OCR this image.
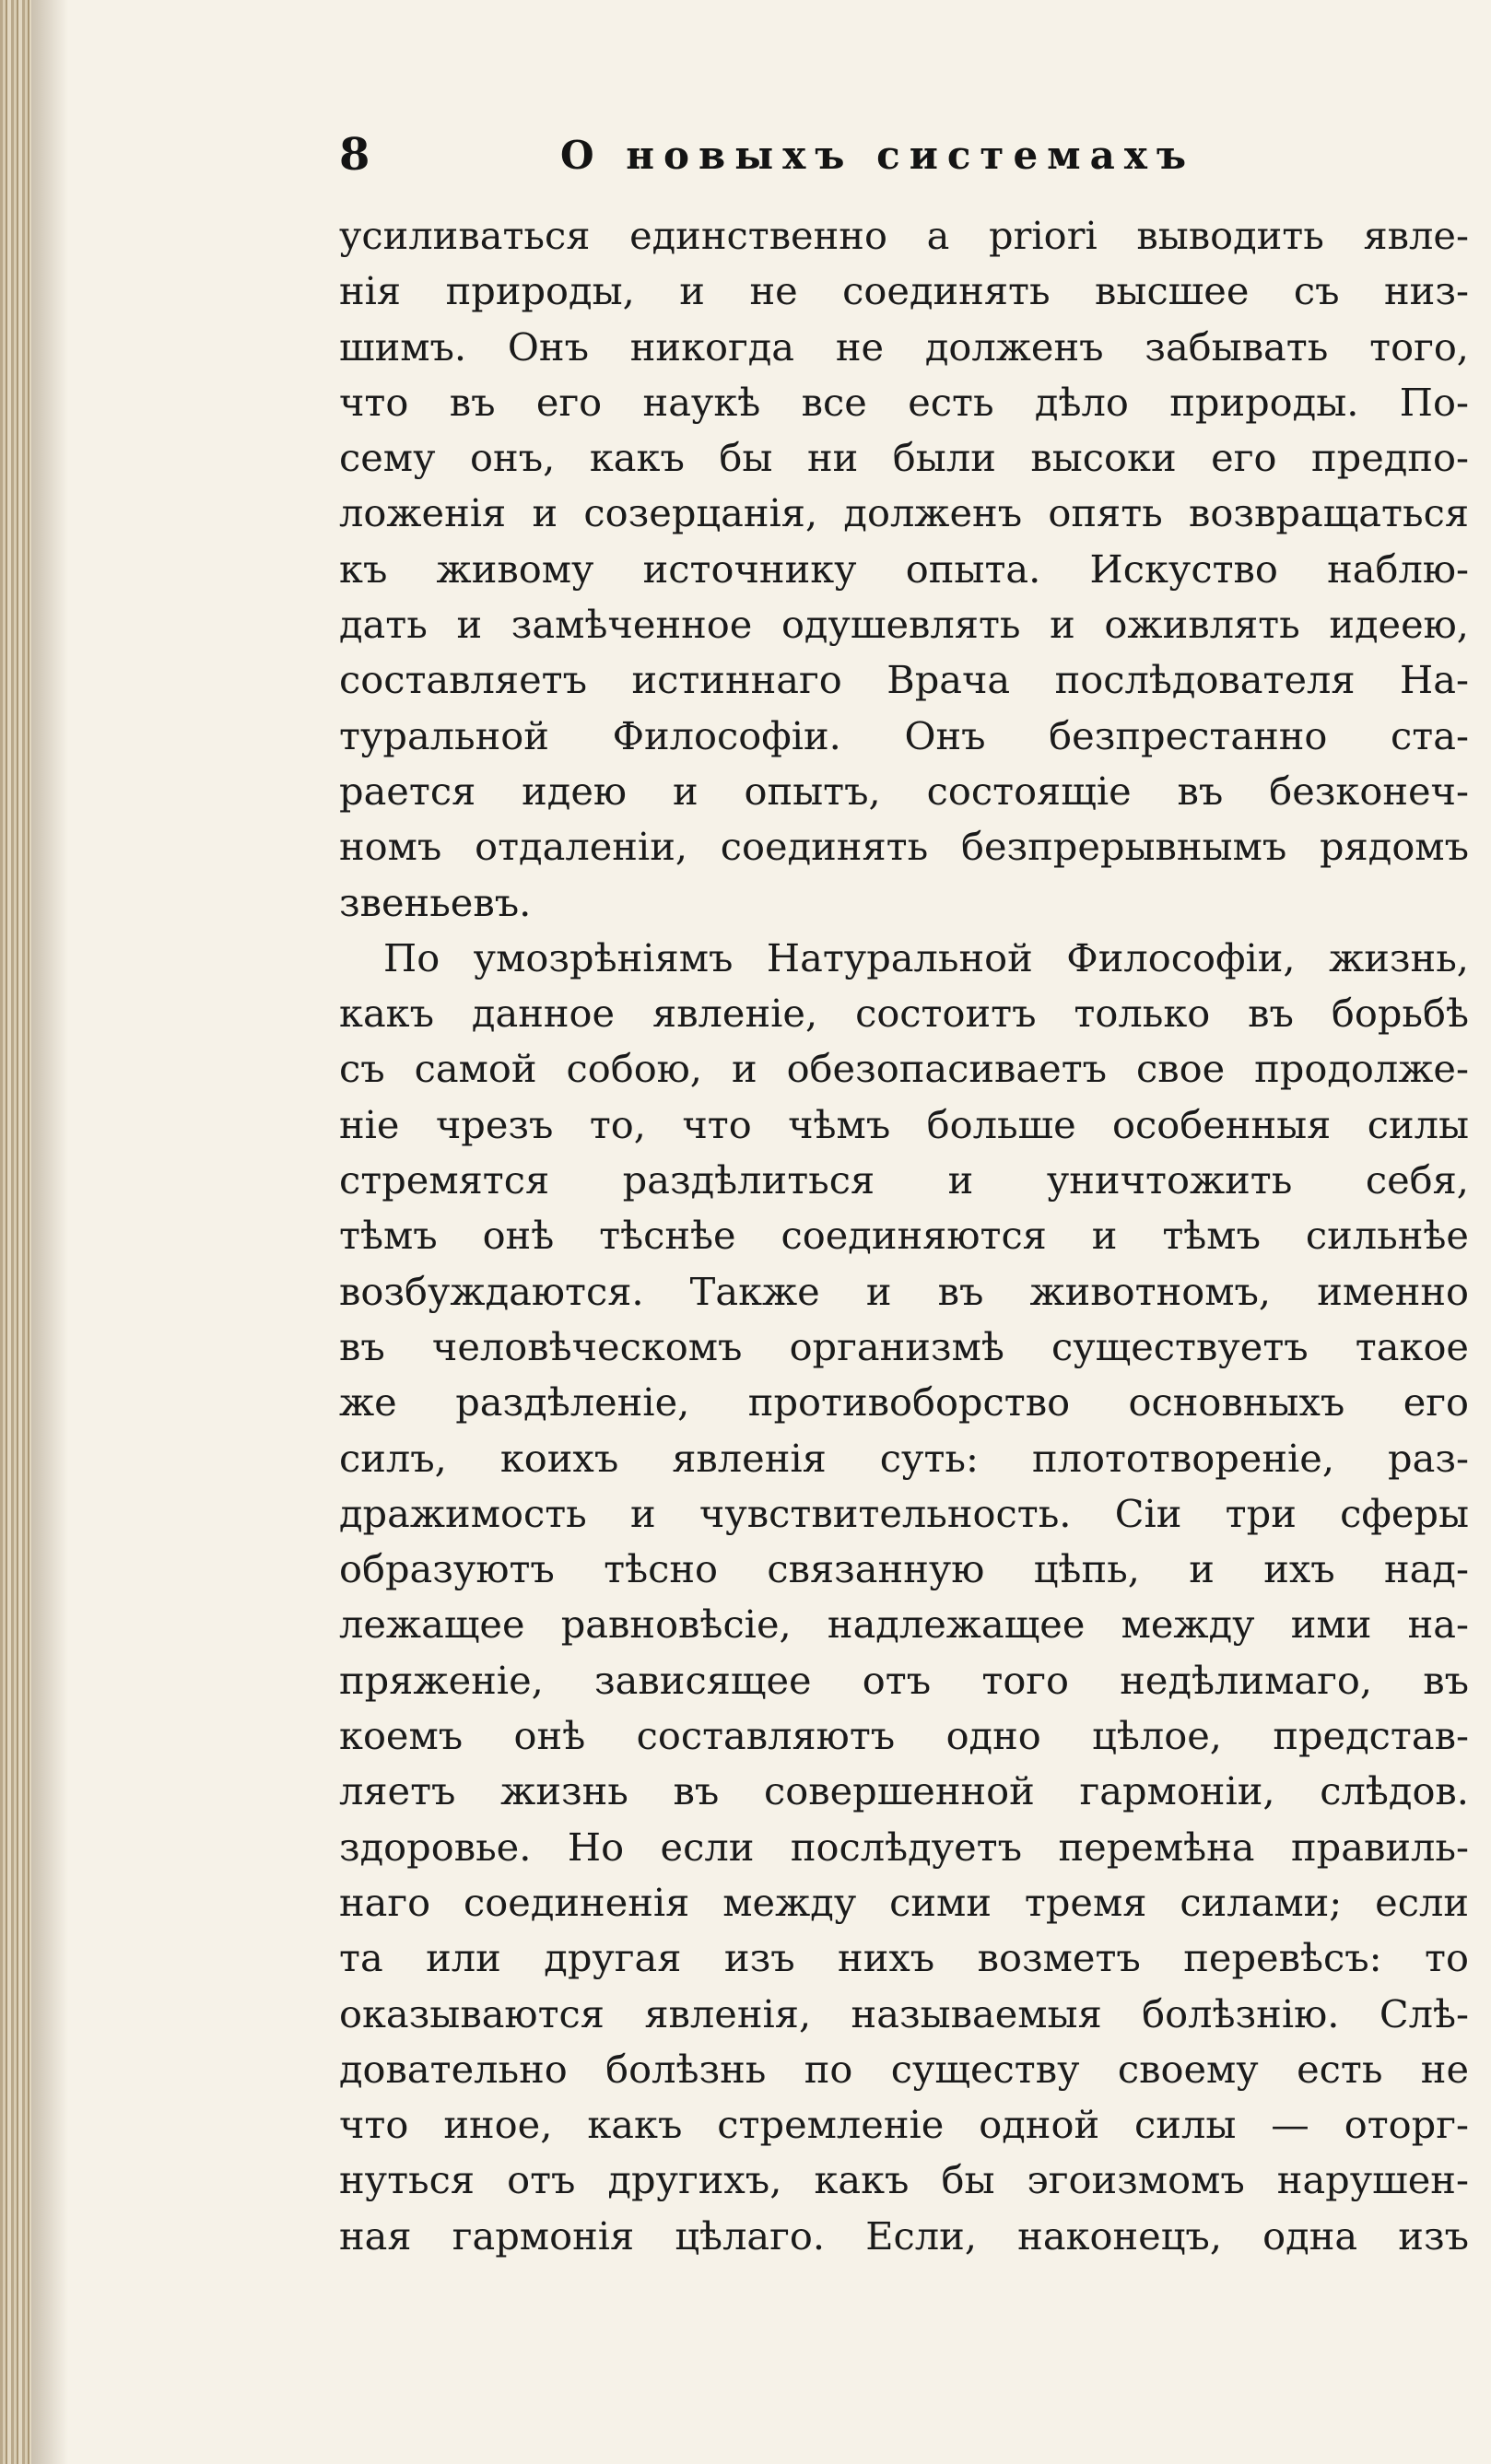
8	О новыхъ системахъ
усиливаться единственно а priori выводить явле-
нія природы, и не соединять высшее съ низ-
шимъ. Онъ никогда не долженъ забывать того,
что въ его наукѣ все есть дѣло природы. По-
сему онъ, какъ бы ни были высоки его предпо-
ложенія и созерцанія, долженъ опять возвращаться
къ живому источнику опыта. Искуство наблю-
дать и замѣченное одушевлять и оживлять идеею,
составляетъ истиннаго Врача послѣдователя На-
туральной Философіи. Онъ безпрестанно ста-
рается идею и опытъ, состоящіе въ безконеч-
номъ отдаленіи, соединять безпрерывнымъ рядомъ
звеньевъ.
По умозрѣніямъ Натуральной Философіи, жизнь,
какъ данное явленіе, состоитъ только въ борьбѣ
съ самой собою, и обезопасиваетъ свое продолже-
ніе чрезъ то, что чѣмъ больше особенныя силы
стремятся раздѣлиться и уничтожить себя,
тѣмъ онѣ тѣснѣе соединяются и тѣмъ сильнѣе
возбуждаются. Также и въ животномъ, именно
въ человѣческомъ организмѣ существуетъ такое
же раздѣленіе, противоборство основныхъ его
силъ, коихъ явленія суть: плототвореніе, раз-
дражимость и чувствительность. Сіи три сферы
образуютъ тѣсно связанную цѣпь, и ихъ над-
лежащее равновѣсіе, надлежащее между ими на-
пряженіе, зависящее отъ того недѣлимаго, въ
коемъ онѣ составляютъ одно цѣлое, представ-
ляетъ жизнь въ совершенной гармоніи, слѣдов.
здоровье. Но если послѣдуетъ перемѣна правиль-
наго соединенія между сими тремя силами; если
та или другая изъ нихъ возметъ перевѣсъ: то
оказываются явленія, называемыя болѣзнію. Слѣ-
довательно болѣзнь по существу своему есть не
что иное, какъ стремленіе одной силы — оторг-
нуться отъ другихъ, какъ бы эгоизмомъ нарушен-
ная гармонія цѣлаго. Если, наконецъ, одна изъ
